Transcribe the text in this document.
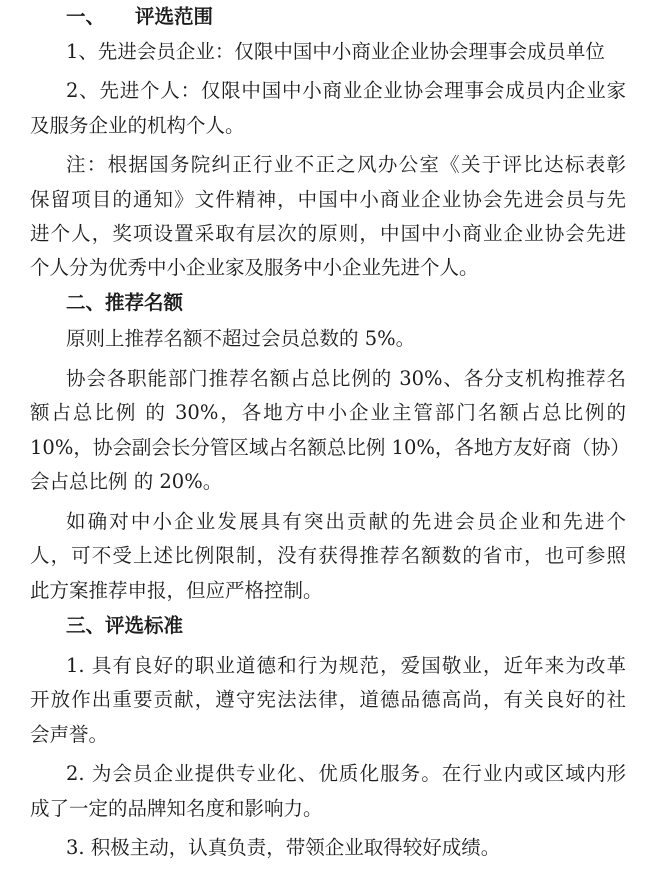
一、 评选范围
1、先进会员企业：仅限中国中小商业企业协会理事会成员单位
2、先进个人：仅限中国中小商业企业协会理事会成员内企业家
及服务企业的机构个人。
注：根据国务院纠正行业不正之风办公室《关于评比达标表彰
保留项目的通知》文件精神，中国中小商业企业协会先进会员与先
进个人，奖项设置采取有层次的原则，中国中小商业企业协会先进
个人分为优秀中小企业家及服务中小企业先进个人。
二、推荐名额
原则上推荐名额不超过会员总数的 5%。
协会各职能部门推荐名额占总比例的 30%、各分支机构推荐名
额占总比例 的 30%，各地方中小企业主管部门名额占总比例的
10%，协会副会长分管区域占名额总比例 10%，各地方友好商（协）
会占总比例 的 20%。
如确对中小企业发展具有突出贡献的先进会员企业和先进个
人，可不受上述比例限制，没有获得推荐名额数的省市，也可参照
此方案推荐申报，但应严格控制。
三、评选标准
1. 具有良好的职业道德和行为规范，爱国敬业，近年来为改革
开放作出重要贡献，遵守宪法法律，道德品德高尚，有关良好的社
会声誉。
2. 为会员企业提供专业化、优质化服务。在行业内或区域内形
成了一定的品牌知名度和影响力。
3. 积极主动，认真负责，带领企业取得较好成绩。
